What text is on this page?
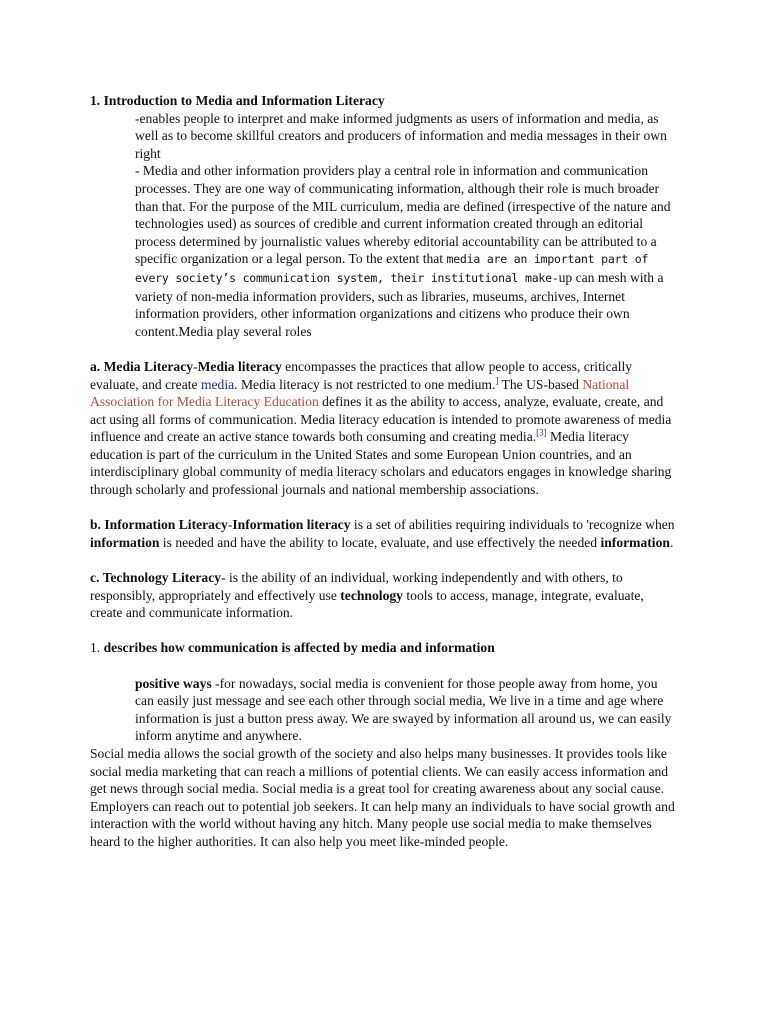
1. Introduction to Media and Information Literacy

-enables people to interpret and make informed judgments as users of information and media, as well as to become skillful creators and producers of information and media messages in their own right

- Media and other information providers play a central role in information and communication processes. They are one way of communicating information, although their role is much broader than that. For the purpose of the MIL curriculum, media are defined (irrespective of the nature and technologies used) as sources of credible and current information created through an editorial process determined by journalistic values whereby editorial accountability can be attributed to a specific organization or a legal person. To the extent that media are an important part of every society’s communication system, their institutional make-up can mesh with a variety of non-media information providers, such as libraries, museums, archives, Internet information providers, other information organizations and citizens who produce their own content.Media play several roles

a. Media Literacy-Media literacy encompasses the practices that allow people to access, critically evaluate, and create media. Media literacy is not restricted to one medium.] The US-based National Association for Media Literacy Education defines it as the ability to access, analyze, evaluate, create, and act using all forms of communication. Media literacy education is intended to promote awareness of media influence and create an active stance towards both consuming and creating media.[3] Media literacy education is part of the curriculum in the United States and some European Union countries, and an interdisciplinary global community of media literacy scholars and educators engages in knowledge sharing through scholarly and professional journals and national membership associations.

b. Information Literacy-Information literacy is a set of abilities requiring individuals to 'recognize when information is needed and have the ability to locate, evaluate, and use effectively the needed information.

c. Technology Literacy- is the ability of an individual, working independently and with others, to responsibly, appropriately and effectively use technology tools to access, manage, integrate, evaluate, create and communicate information.

1. describes how communication is affected by media and information

positive ways -for nowadays, social media is convenient for those people away from home, you can easily just message and see each other through social media, We live in a time and age where information is just a button press away. We are swayed by information all around us, we can easily inform anytime and anywhere.

Social media allows the social growth of the society and also helps many businesses. It provides tools like social media marketing that can reach a millions of potential clients. We can easily access information and get news through social media. Social media is a great tool for creating awareness about any social cause. Employers can reach out to potential job seekers. It can help many an individuals to have social growth and interaction with the world without having any hitch. Many people use social media to make themselves heard to the higher authorities. It can also help you meet like-minded people.
